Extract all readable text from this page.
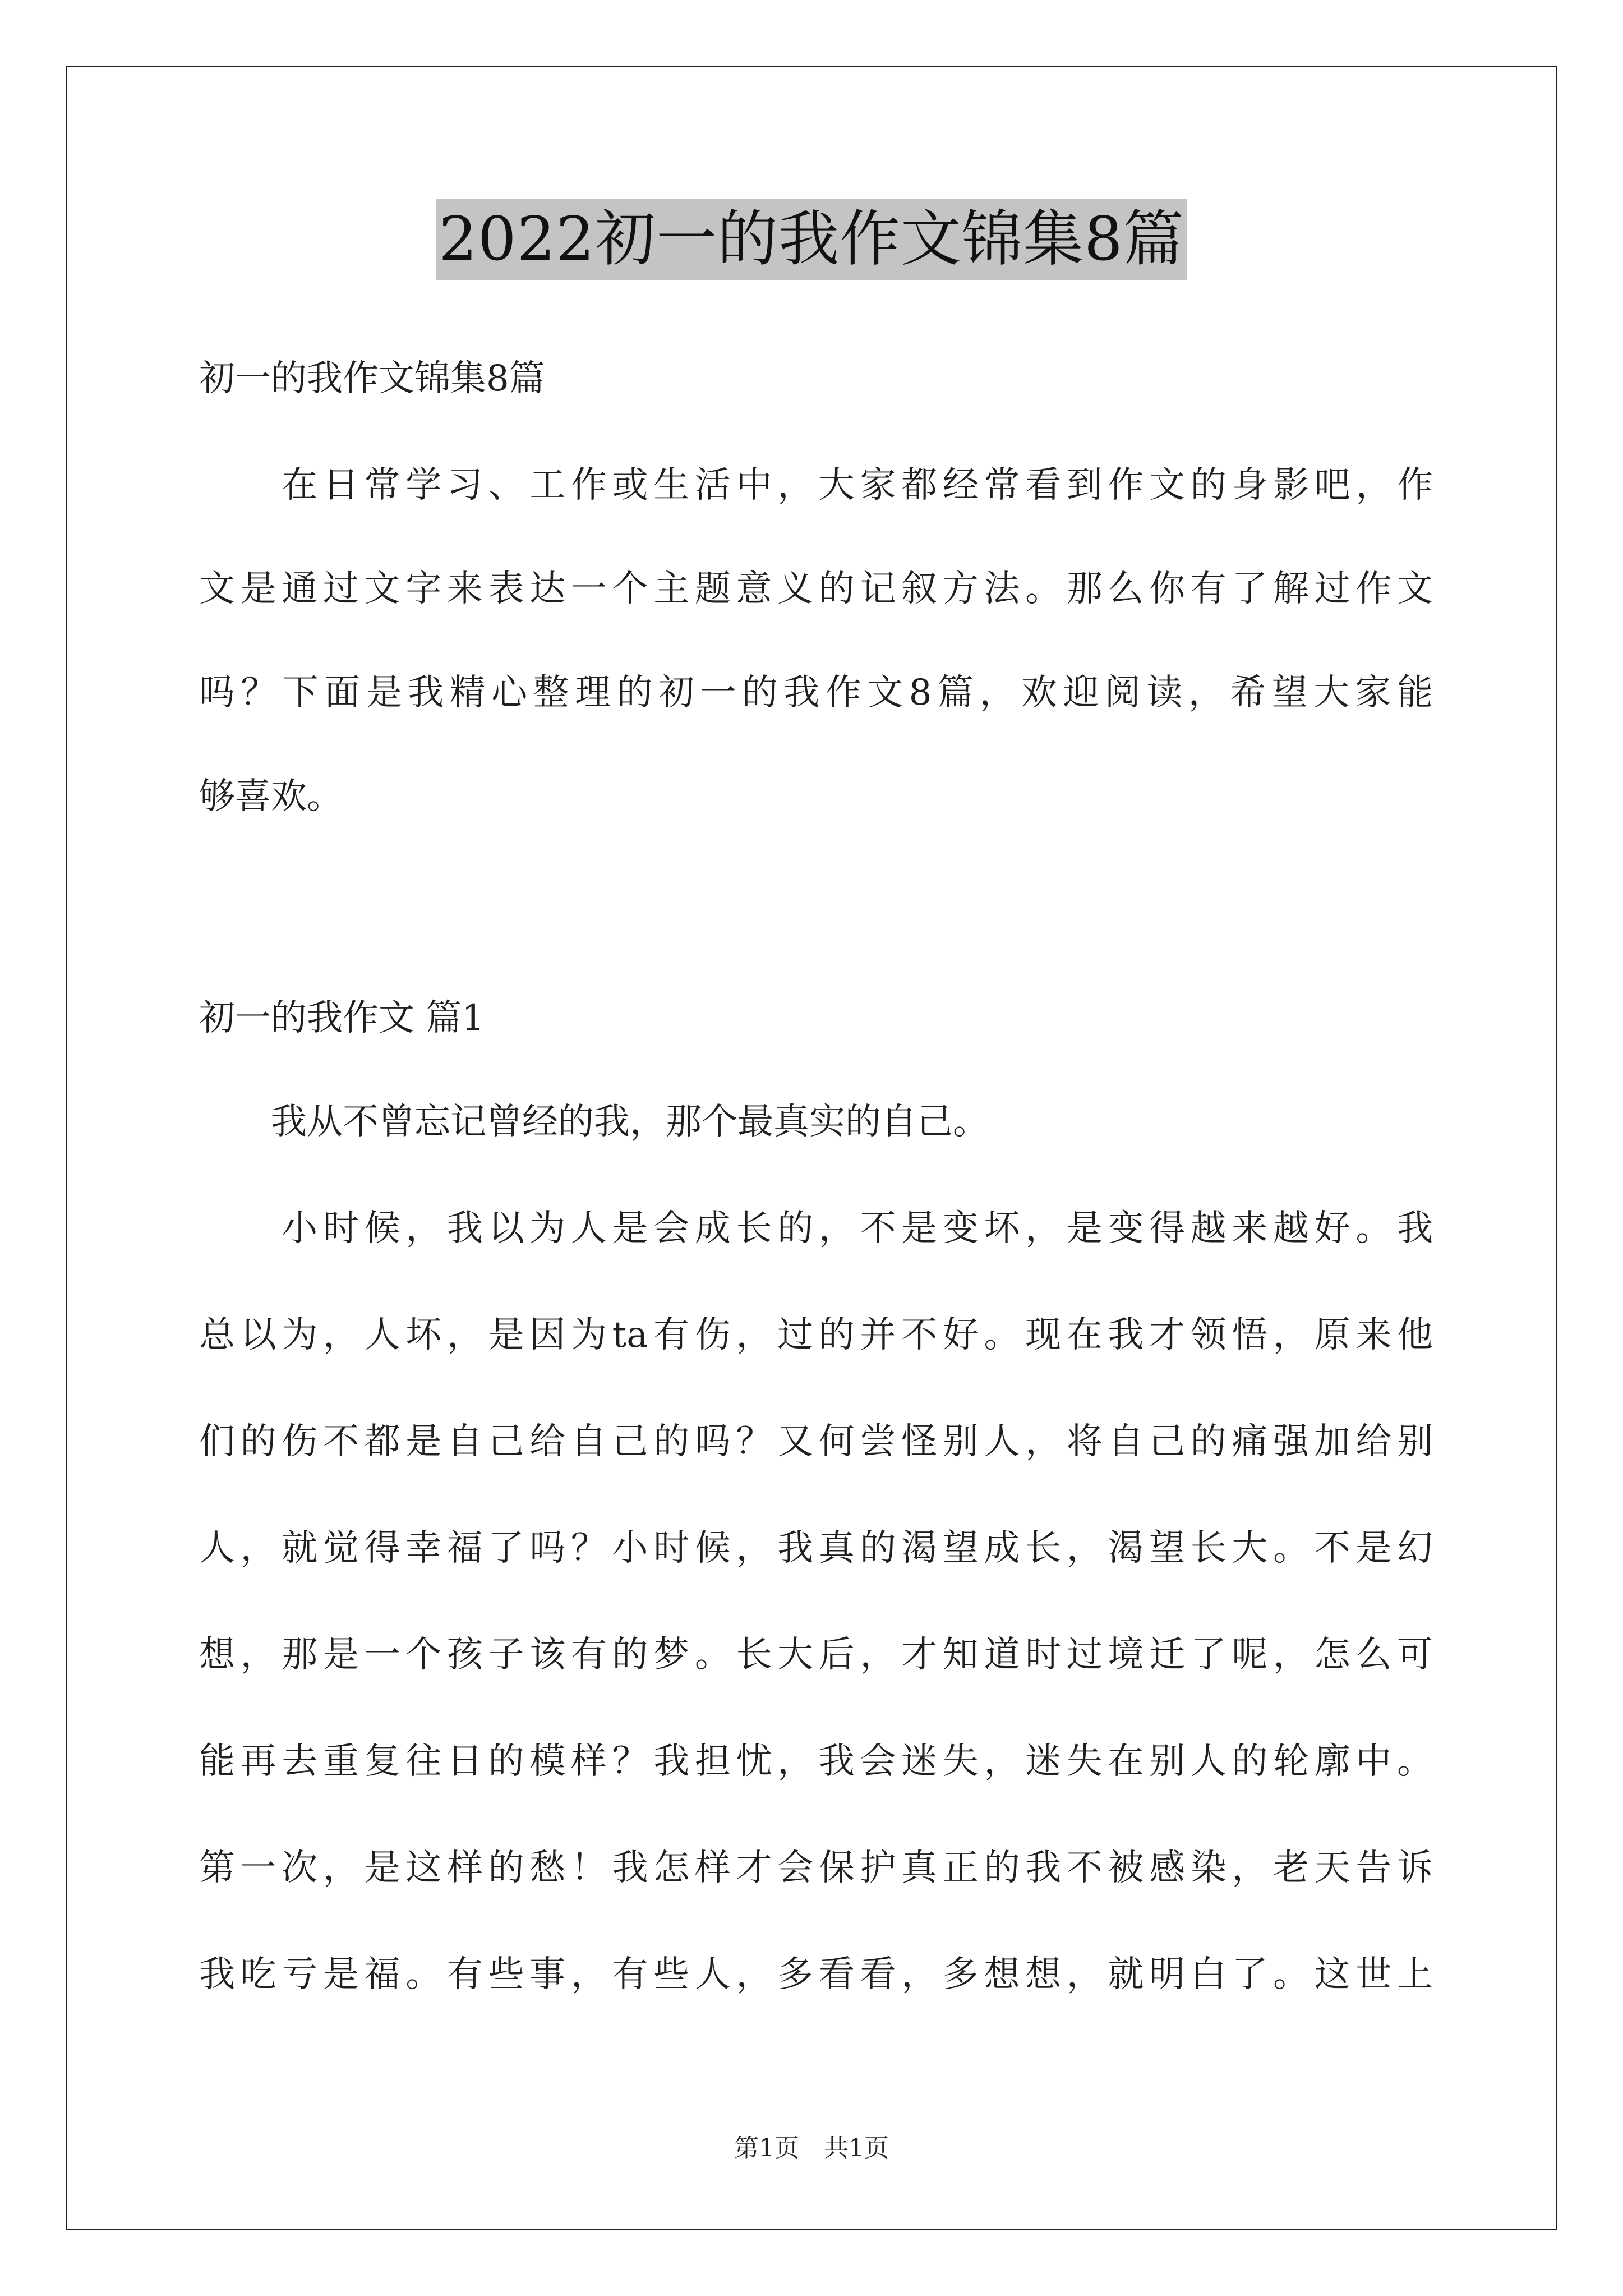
2022初一的我作文锦集8篇
初一的我作文锦集8篇
　　在日常学习、工作或生活中，大家都经常看到作文的身影吧，作
文是通过文字来表达一个主题意义的记叙方法。那么你有了解过作文
吗？下面是我精心整理的初一的我作文8篇，欢迎阅读，希望大家能
够喜欢。
初一的我作文 篇1
　　我从不曾忘记曾经的我，那个最真实的自己。
　　小时候，我以为人是会成长的，不是变坏，是变得越来越好。我
总以为，人坏，是因为ta有伤，过的并不好。现在我才领悟，原来他
们的伤不都是自己给自己的吗？又何尝怪别人，将自己的痛强加给别
人，就觉得幸福了吗？小时候，我真的渴望成长，渴望长大。不是幻
想，那是一个孩子该有的梦。长大后，才知道时过境迁了呢，怎么可
能再去重复往日的模样？我担忧，我会迷失，迷失在别人的轮廓中。
第一次，是这样的愁！我怎样才会保护真正的我不被感染，老天告诉
我吃亏是福。有些事，有些人，多看看，多想想，就明白了。这世上
第1页　共1页
